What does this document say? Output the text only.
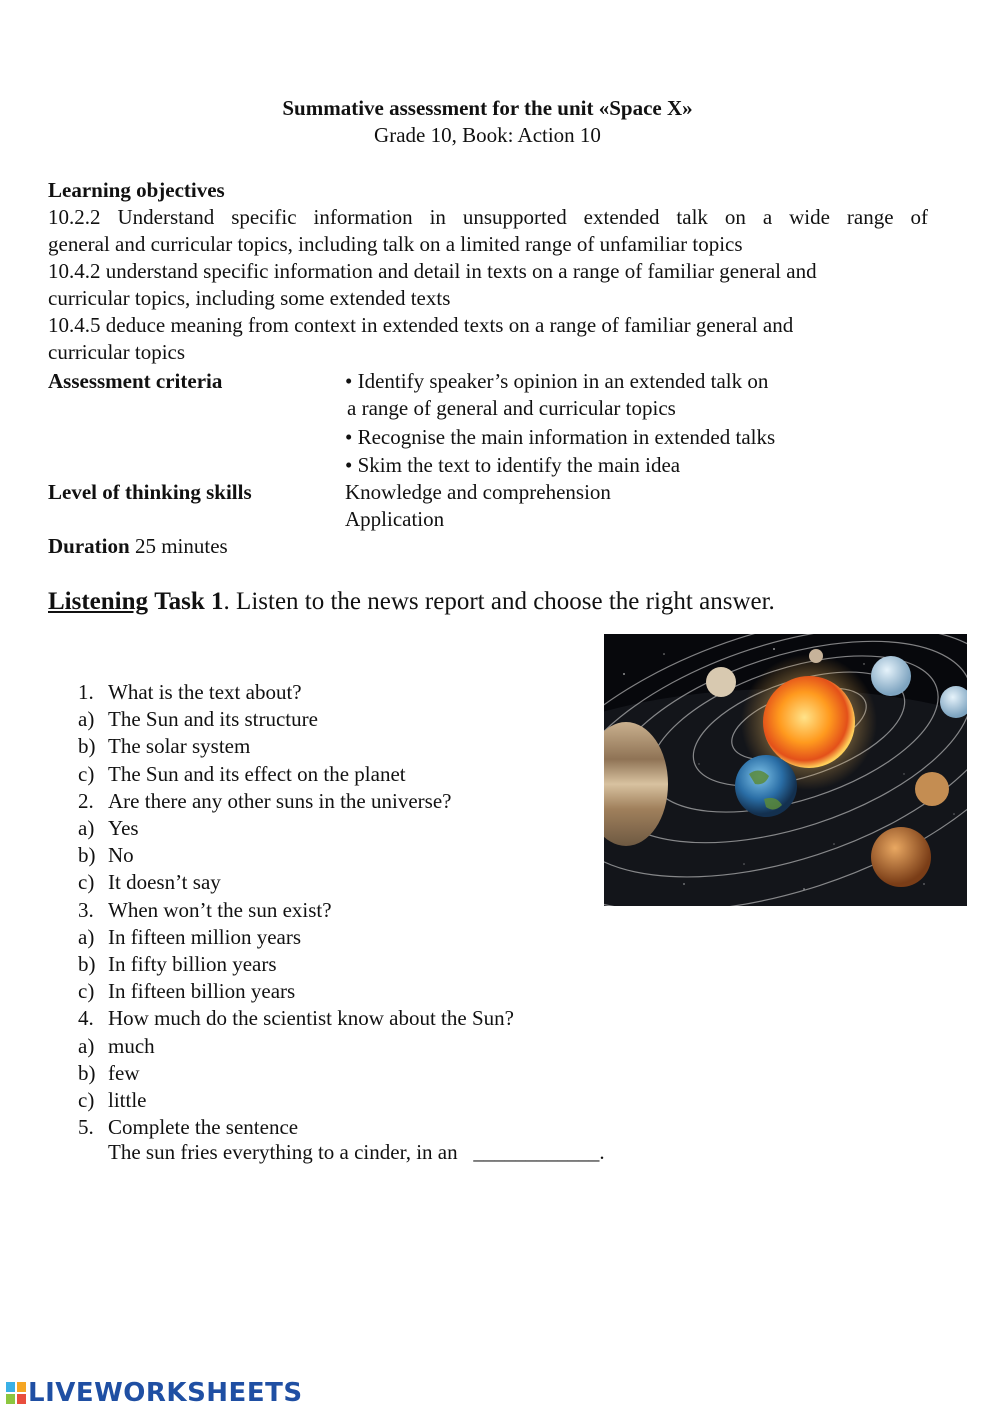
Summative assessment for the unit «Space X»
Grade 10, Book: Action 10
Learning objectives
10.2.2 Understand specific information in unsupported extended talk on a wide range of
general and curricular topics, including talk on a limited range of unfamiliar topics
10.4.2 understand specific information and detail in texts on a range of familiar general and
curricular topics, including some extended texts
10.4.5 deduce meaning from context in extended texts on a range of familiar general and
curricular topics
Assessment criteria	• Identify speaker’s opinion in an extended talk on
a range of general and curricular topics
• Recognise the main information in extended talks
• Skim the text to identify the main idea
Level of thinking skills	Knowledge and comprehension
Application
Duration 25 minutes
Listening Task 1. Listen to the news report and choose the right answer.
1. What is the text about?
a) The Sun and its structure
b) The solar system
c) The Sun and its effect on the planet
2. Are there any other suns in the universe?
a) Yes
b) No
c) It doesn’t say
3. When won’t the sun exist?
a) In fifteen million years
b) In fifty billion years
c) In fifteen billion years
4. How much do the scientist know about the Sun?
a) much
b) few
c) little
5. Complete the sentence
The sun fries everything to a cinder, in an ____________.
LIVEWORKSHEETS
